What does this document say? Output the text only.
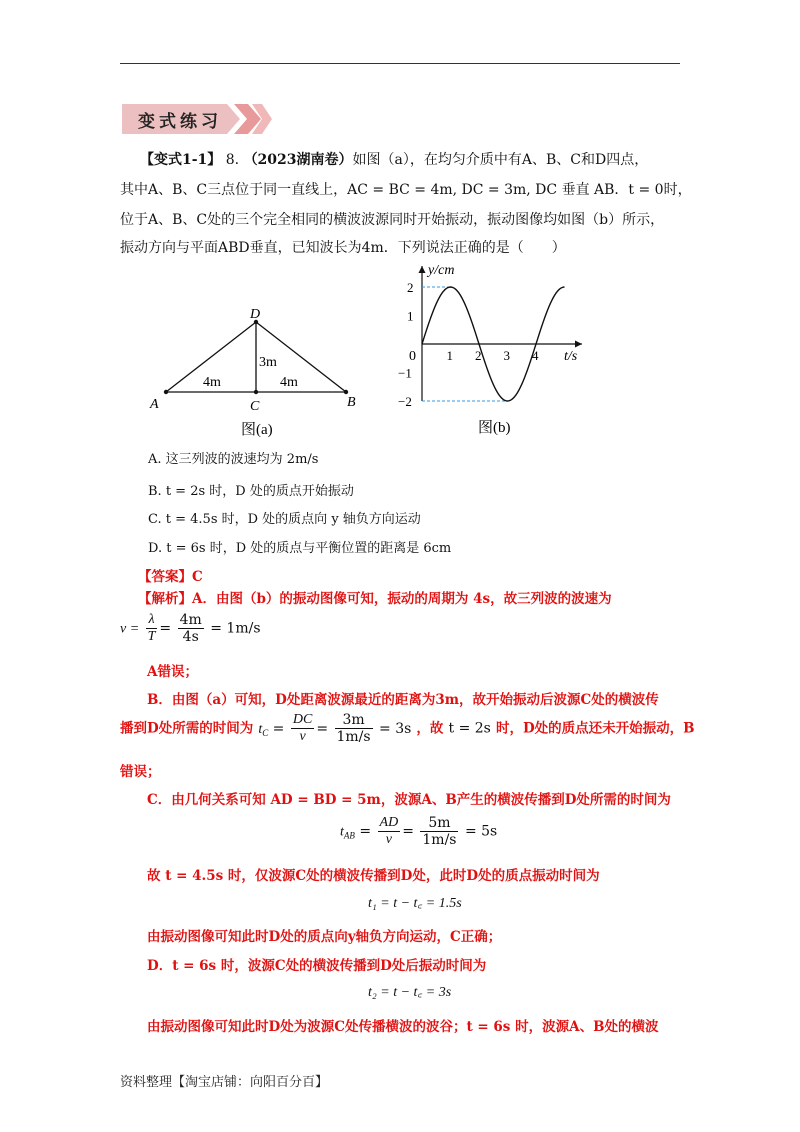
变式练习
【变式1-1】 8. （2023湖南卷）如图（a），在均匀介质中有A、B、C和D四点，
其中A、B、C三点位于同一直线上，AC = BC = 4m, DC = 3m, DC 垂直 AB．t = 0时，
位于A、B、C处的三个完全相同的横波波源同时开始振动，振动图像均如图（b）所示，
振动方向与平面ABD垂直，已知波长为4m．下列说法正确的是（　　）
A	C	B
D
4m	4m
3m
图(a)
y/cm
t/s
0 1 2 3 4
2
1
−1
−2
图(b)
A. 这三列波的波速均为 2m/s
B. t = 2s 时，D 处的质点开始振动
C. t = 4.5s 时，D 处的质点向 y 轴负方向运动
D. t = 6s 时，D 处的质点与平衡位置的距离是 6cm
【答案】C
【解析】A．由图（b）的振动图像可知，振动的周期为 4s，故三列波的波速为
$v = \frac{\lambda}{T} = \frac{4m}{4s} = 1m/s$
A错误；
B．由图（a）可知，D处距离波源最近的距离为3m，故开始振动后波源C处的横波传
播到D处所需的时间为 $t_C = \frac{DC}{v} = \frac{3m}{1m/s} = 3s$ ，故 t = 2s 时，D处的质点还未开始振动，B
错误；
C．由几何关系可知 AD = BD = 5m，波源A、B产生的横波传播到D处所需的时间为
$t_{AB} = \frac{AD}{v} = \frac{5m}{1m/s} = 5s$
故 t = 4.5s 时，仅波源C处的横波传播到D处，此时D处的质点振动时间为
t₁ = t − t꜀ = 1.5s
由振动图像可知此时D处的质点向y轴负方向运动，C正确；
D．t = 6s 时，波源C处的横波传播到D处后振动时间为
t₂ = t − t꜀ = 3s
由振动图像可知此时D处为波源C处传播横波的波谷；t = 6s 时，波源A、B处的横波
资料整理【淘宝店铺：向阳百分百】
